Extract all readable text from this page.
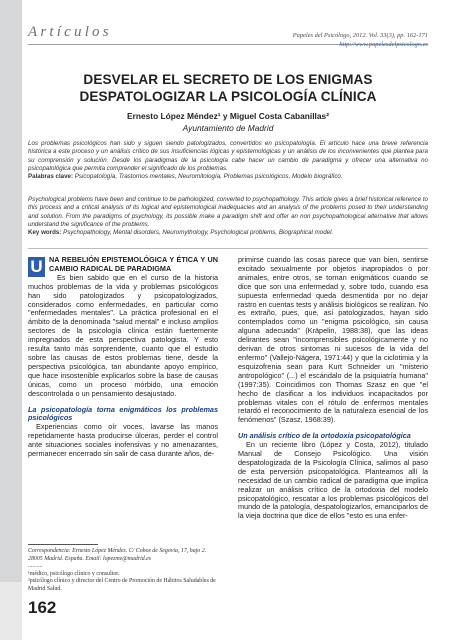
Artículos	Papeles del Psicólogo, 2012. Vol. 33(3), pp. 162-171
http://www.papelesdelpsicologo.es
DESVELAR EL SECRETO DE LOS ENIGMAS
DESPATOLOGIZAR LA PSICOLOGÍA CLÍNICA
Ernesto López Méndez¹ y Miguel Costa Cabanillas²
Ayuntamiento de Madrid
Los problemas psicológicos han sido y siguen siendo patologizados, convertidos en psicopatología. El artículo hace una breve referencia histórica a este proceso y un análisis crítico de sus insuficiencias lógicas y epistemológicas y un análisis de los inconvenientes que plantea para su comprensión y solución. Desde los paradigmas de la psicología cabe hacer un cambio de paradigma y ofrecer una alternativa no psicopatológica que permita comprender el significado de los problemas.
Palabras clave: Psicopatología, Trastornos mentales, Neuromitología, Problemas psicológicos, Modelo biográfico.
Psychological problems have been and continue to be pathologized, converted to psychopathology. This article gives a brief historical reference to this process and a critical analysis of its logical and epistemological inadequacies and an analysis of the problems posed to their understanding and solution. From the paradigms of psychology, its possible make a paradigm shift and offer an non psychopathological alternative that allows understand the significance of the problems.
Key words: Psychopathology, Mental disorders, Neuromythology, Psychological problems, Biographical model.
U NA REBELIÓN EPISTEMOLÓGICA Y ÉTICA Y UN CAMBIO RADICAL DE PARADIGMA

Es bien sabido que en el curso de la historia muchos problemas de la vida y problemas psicológicos han sido patologizados y psicopatologizados, considerados como enfermedades, en particular como "enfermedades mentales". La práctica profesional en el ámbito de la denominada "salud mental" e incluso amplios sectores de la psicología clínica están fuertemente impregnados de esta perspectiva patologista. Y esto resulta tanto más sorprendente, cuanto que el estudio sobre las causas de estos problemas tiene, desde la perspectiva psicológica, tan abundante apoyo empírico, que hace insostenible explicarlos sobre la base de causas únicas, como un proceso mórbido, una emoción descontrolada o un pensamiento desajustado.

La psicopatología torna enigmáticos los problemas psicológicos

Experiencias como oír voces, lavarse las manos repetidamente hasta producirse úlceras, perder el control ante situaciones sociales inofensivas y no amenazantes, permanecer encerrado sin salir de casa durante años, de-

Correspondencia: Ernesto López Méndez. C/ Cobos de Segovia, 17, bajo 2. 28005 Madrid. España. Email: lopezme@madrid.es
..........
¹médico, psicólogo clínico y consultor.
²psicólogo clínico y director del Centro de Promoción de Hábitos Saludables de Madrid Salud.

primirse cuando las cosas parece que van bien, sentirse excitado sexualmente por objetos inapropiados o por animales, entre otros, se tornan enigmáticos cuando se dice que son una enfermedad y, sobre todo, cuando esa supuesta enfermedad queda desmentida por no dejar rastro en cuentas tests y análisis biológicos se realizan. No es extraño, pues, que, así patologizados, hayan sido contemplados como un "enigma psicológico, sin causa alguna adecuada" (Kräpelin, 1988:38), que las ideas delirantes sean "incomprensibles psicológicamente y no derivan de otros sintomas ni sucesos de la vida del enfermo" (Vallejo-Nágera, 1971:44) y que la ciclotimia y la esquizofrenia sean para Kurt Schneider un "misterio antropológico" (...) el escándalo de la psiquiatría humana" (1997:35). Coincidimos con Thomas Szasz en que "el hecho de clasificar a los individuos incapacitados por problemas vitales con el rótulo de enfermos mentales retardó el reconocimiento de la naturaleza esencial de los fenómenos" (Szasz, 1968:39).

Un análisis crítico de la ortodoxia psicopatológica

En un reciente libro (López y Costa, 2012), titulado Manual de Consejo Psicológico. Una visión despatologizada de la Psicología Clínica, salimos al paso de esta perversión psicopatológica. Planteamos allí la necesidad de un cambio radical de paradigma que implica realizar un análisis crítico de la ortodoxia del modelo psicopatológico, rescatar a los problemas psicológicos del mundo de la patología, despatologizarlos, emanciparlos de la vieja doctrina que dice de ellos "esto es una enfer-

162
